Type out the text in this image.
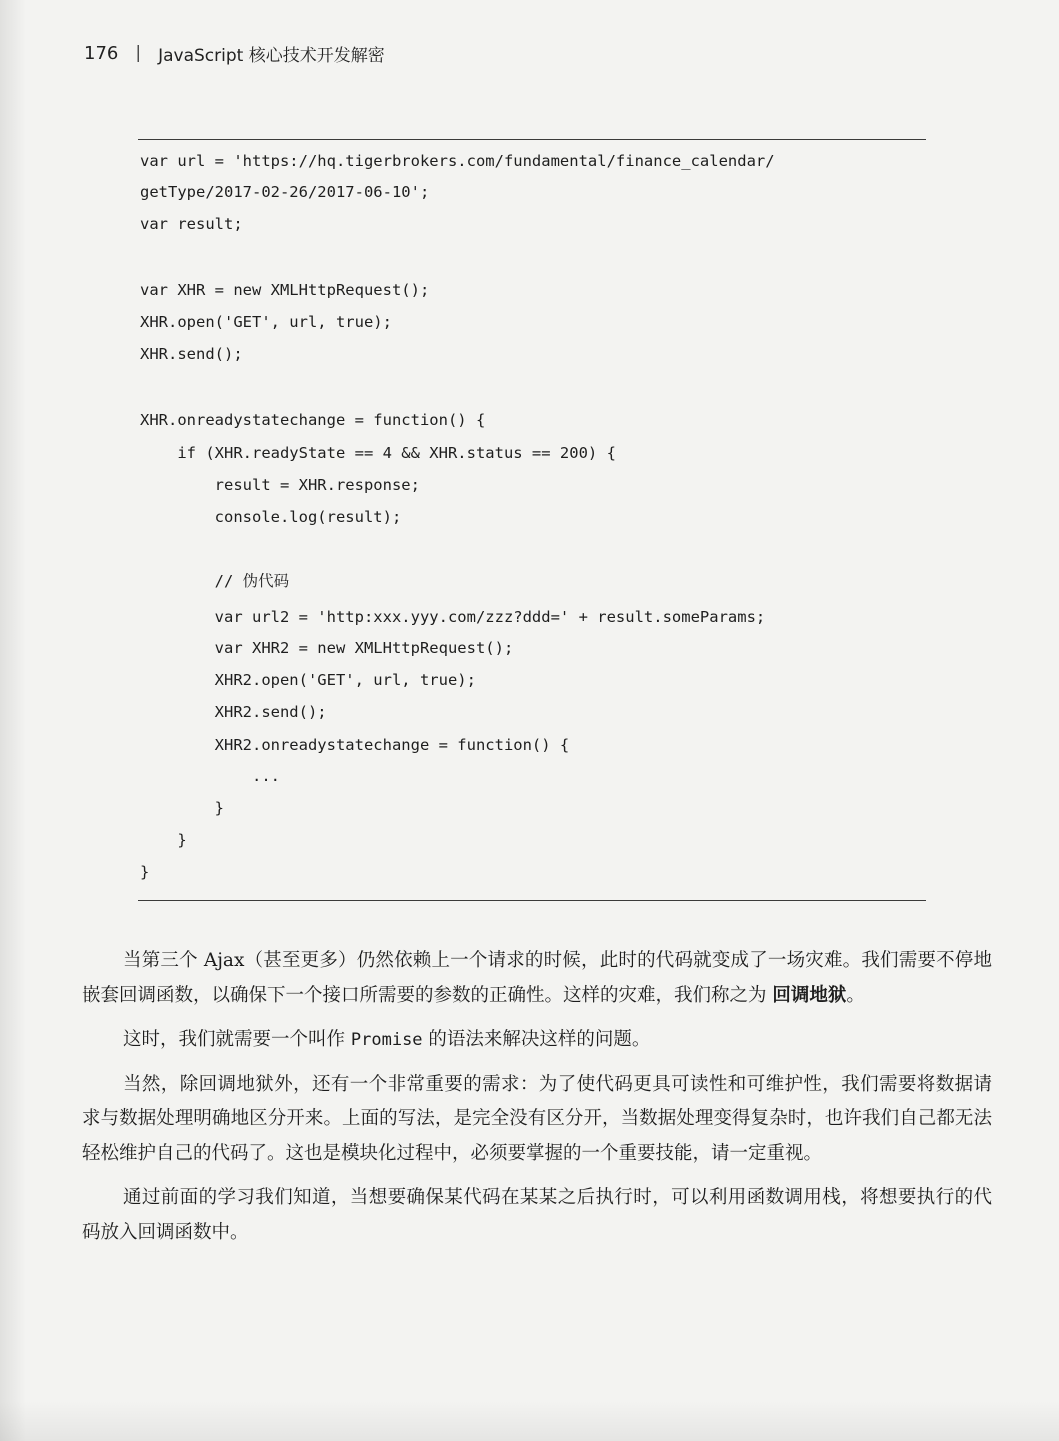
176 | JavaScript 核心技术开发解密
var url = 'https://hq.tigerbrokers.com/fundamental/finance_calendar/
getType/2017-02-26/2017-06-10';
var result;
var XHR = new XMLHttpRequest();
XHR.open('GET', url, true);
XHR.send();
XHR.onreadystatechange = function() {
if (XHR.readyState == 4 && XHR.status == 200) {
result = XHR.response;
console.log(result);
// 伪代码
var url2 = 'http:xxx.yyy.com/zzz?ddd=' + result.someParams;
var XHR2 = new XMLHttpRequest();
XHR2.open('GET', url, true);
XHR2.send();
XHR2.onreadystatechange = function() {
...
}
}
}

当第三个 Ajax（甚至更多）仍然依赖上一个请求的时候，此时的代码就变成了一场灾难。我们需要不停地嵌套回调函数，以确保下一个接口所需要的参数的正确性。这样的灾难，我们称之为 回调地狱。

这时，我们就需要一个叫作 Promise 的语法来解决这样的问题。

当然，除回调地狱外，还有一个非常重要的需求：为了使代码更具可读性和可维护性，我们需要将数据请求与数据处理明确地区分开来。上面的写法，是完全没有区分开，当数据处理变得复杂时，也许我们自己都无法轻松维护自己的代码了。这也是模块化过程中，必须要掌握的一个重要技能，请一定重视。

通过前面的学习我们知道，当想要确保某代码在某某之后执行时，可以利用函数调用栈，将想要执行的代码放入回调函数中。
